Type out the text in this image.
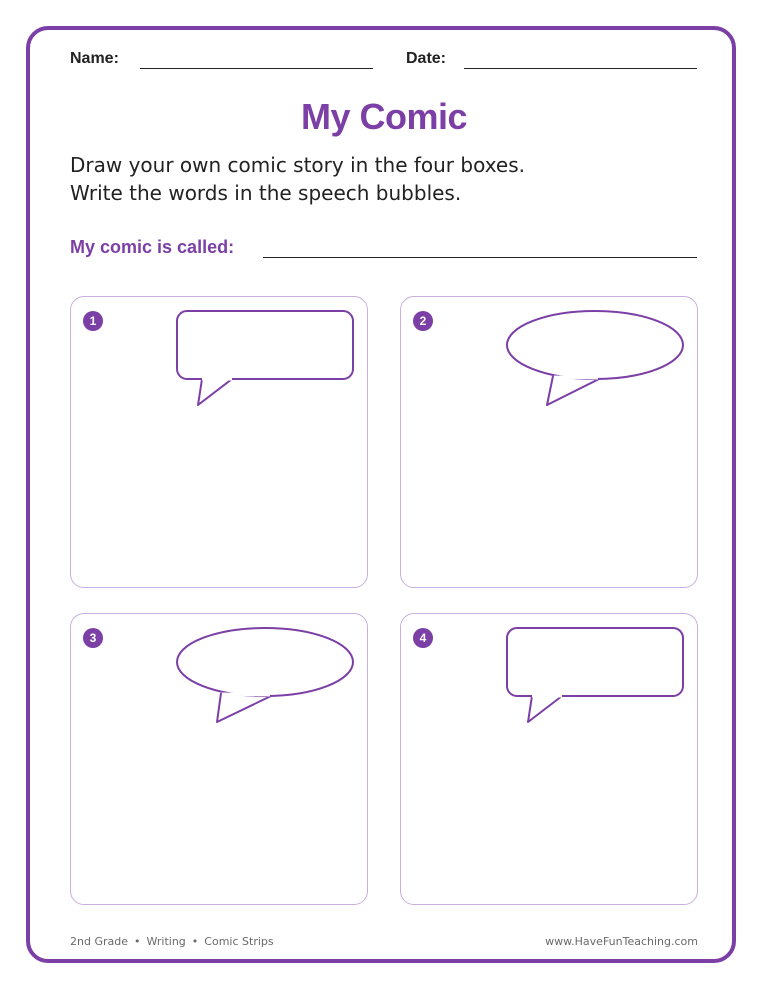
Name:	Date:
My Comic
Draw your own comic story in the four boxes.
Write the words in the speech bubbles.
My comic is called:
1	2
3	4
2nd Grade • Writing • Comic Strips	www.HaveFunTeaching.com
